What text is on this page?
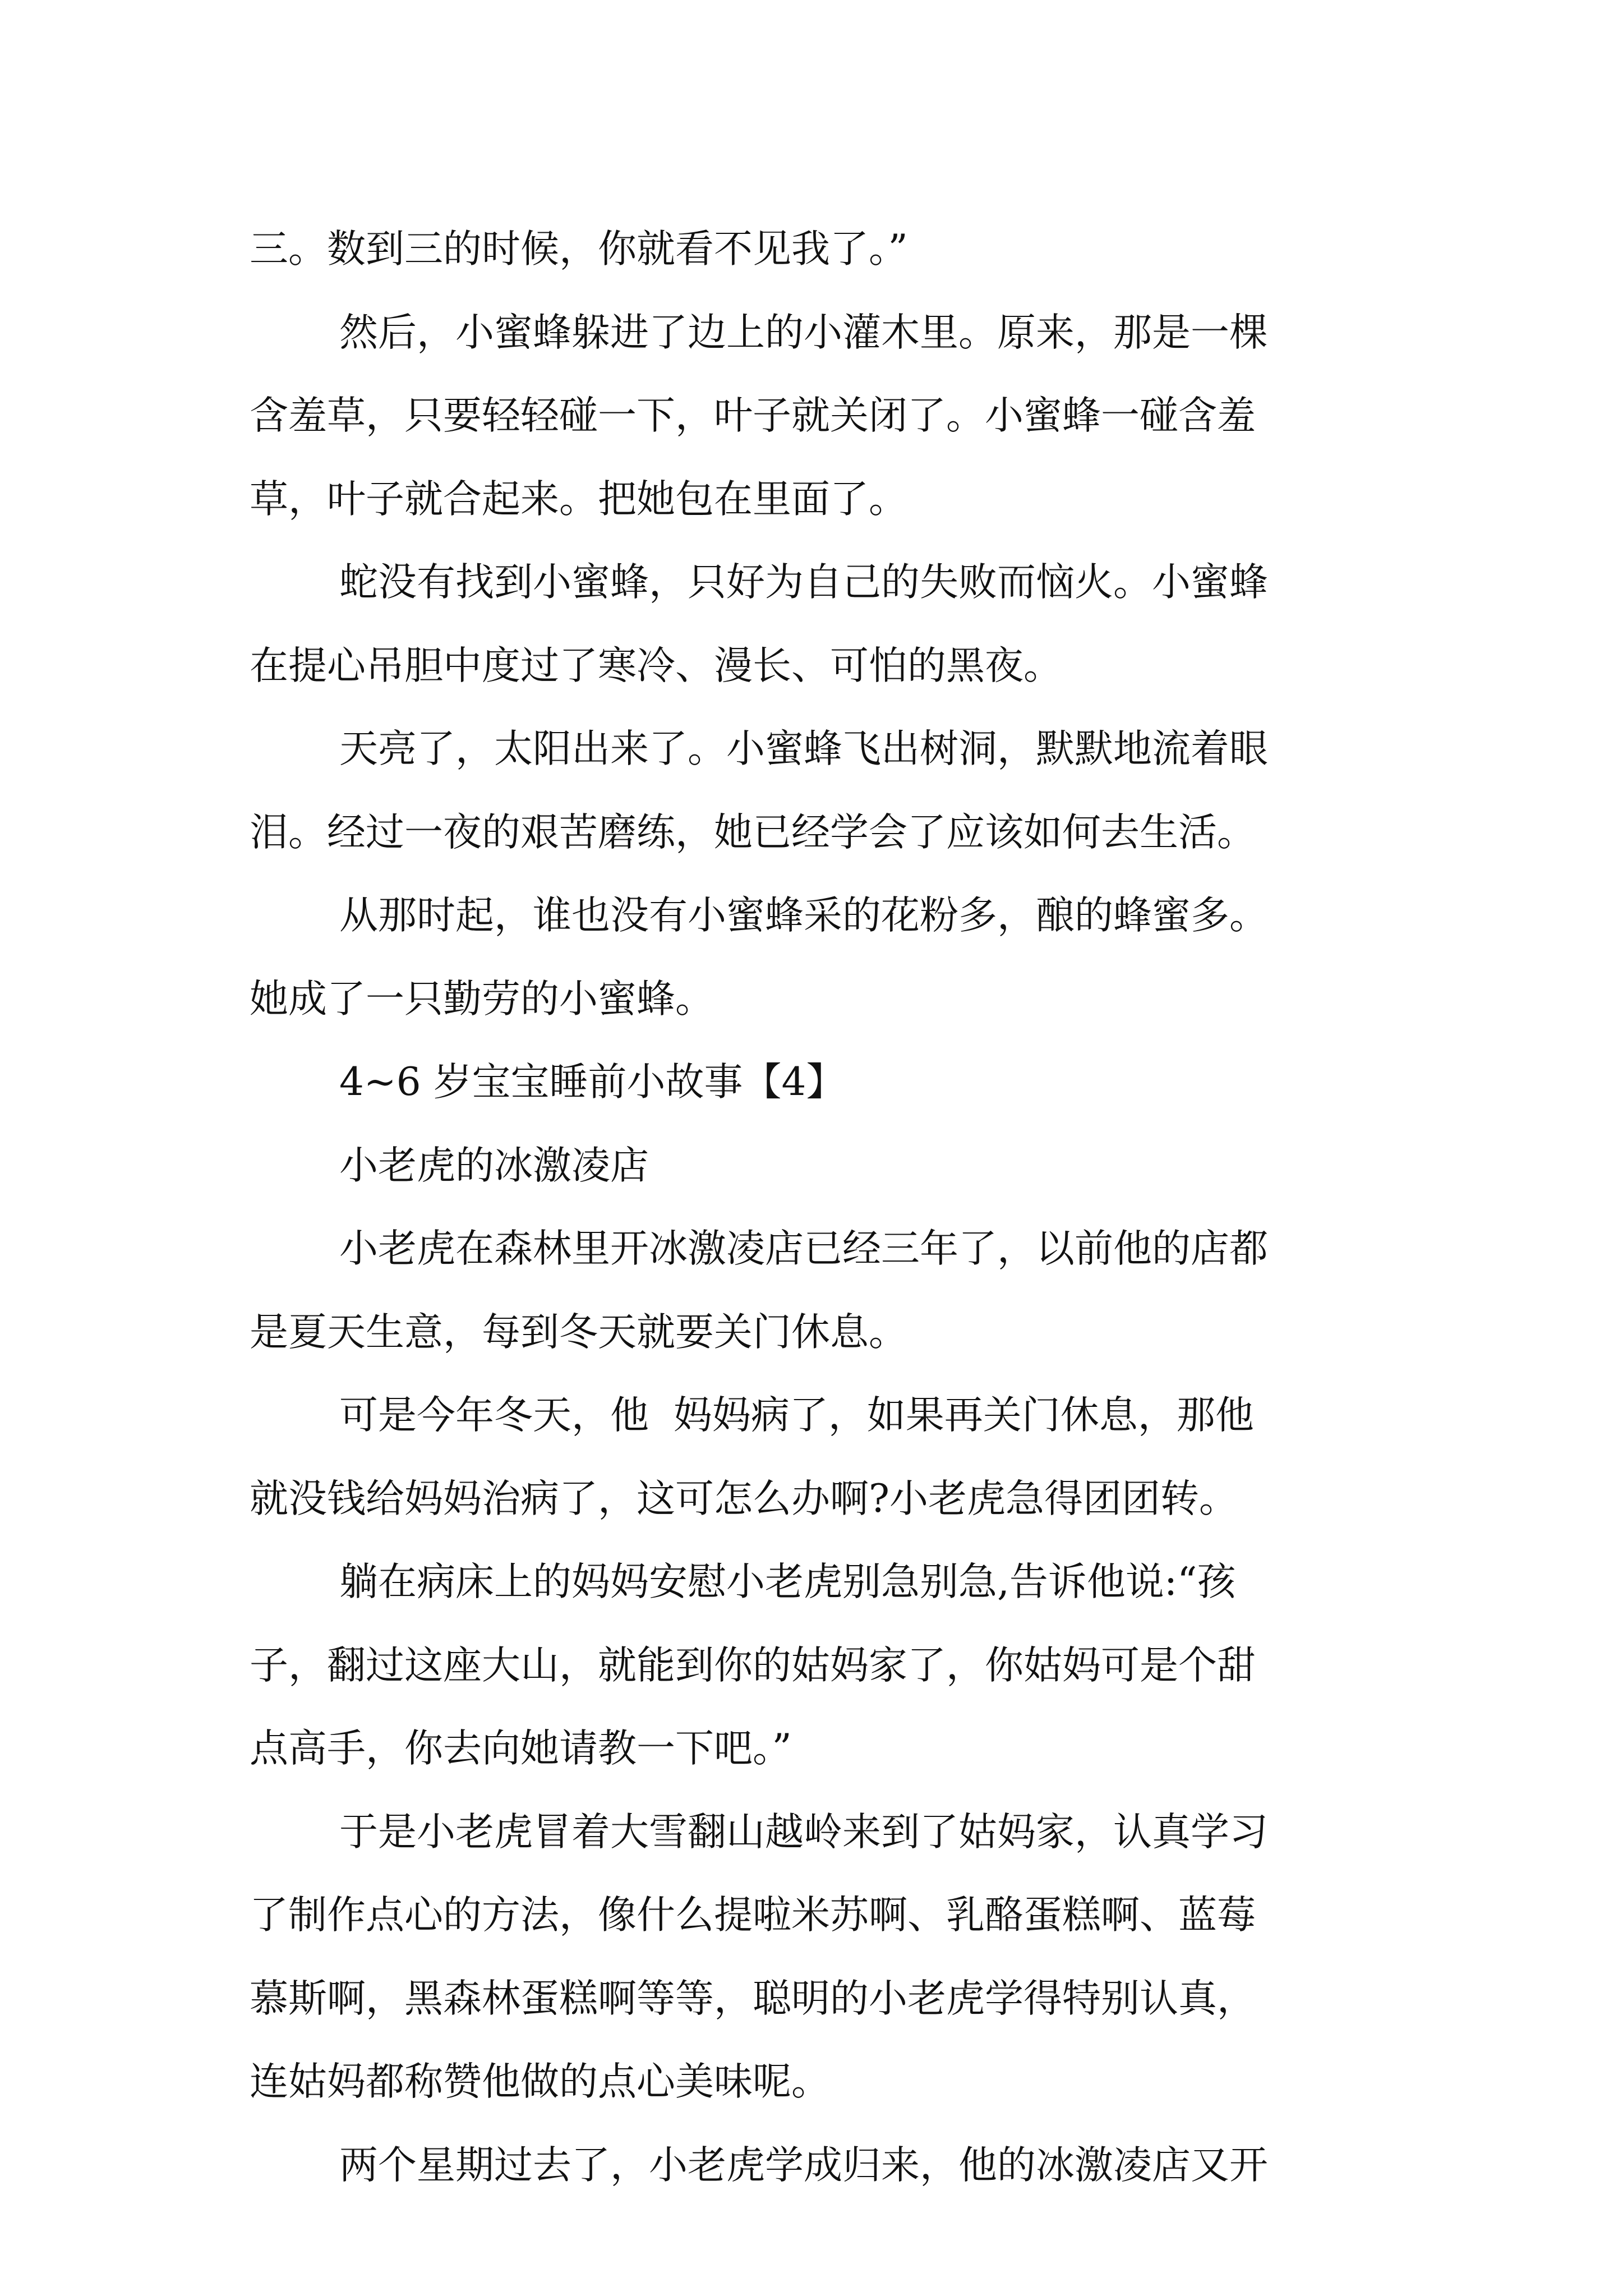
三。数到三的时候，你就看不见我了。”
然后，小蜜蜂躲进了边上的小灌木里。原来，那是一棵
含羞草，只要轻轻碰一下，叶子就关闭了。小蜜蜂一碰含羞
草，叶子就合起来。把她包在里面了。
蛇没有找到小蜜蜂，只好为自己的失败而恼火。小蜜蜂
在提心吊胆中度过了寒冷、漫长、可怕的黑夜。
天亮了，太阳出来了。小蜜蜂飞出树洞，默默地流着眼
泪。经过一夜的艰苦磨练，她已经学会了应该如何去生活。
从那时起，谁也没有小蜜蜂采的花粉多，酿的蜂蜜多。
她成了一只勤劳的小蜜蜂。
4~6 岁宝宝睡前小故事【4】
小老虎的冰激凌店
小老虎在森林里开冰激凌店已经三年了，以前他的店都
是夏天生意，每到冬天就要关门休息。
可是今年冬天，他  妈妈病了，如果再关门休息，那他
就没钱给妈妈治病了，这可怎么办啊?小老虎急得团团转。
躺在病床上的妈妈安慰小老虎别急别急,告诉他说:“孩
子，翻过这座大山，就能到你的姑妈家了，你姑妈可是个甜
点高手，你去向她请教一下吧。”
于是小老虎冒着大雪翻山越岭来到了姑妈家，认真学习
了制作点心的方法，像什么提啦米苏啊、乳酪蛋糕啊、蓝莓
慕斯啊，黑森林蛋糕啊等等，聪明的小老虎学得特别认真，
连姑妈都称赞他做的点心美味呢。
两个星期过去了，小老虎学成归来，他的冰激凌店又开
